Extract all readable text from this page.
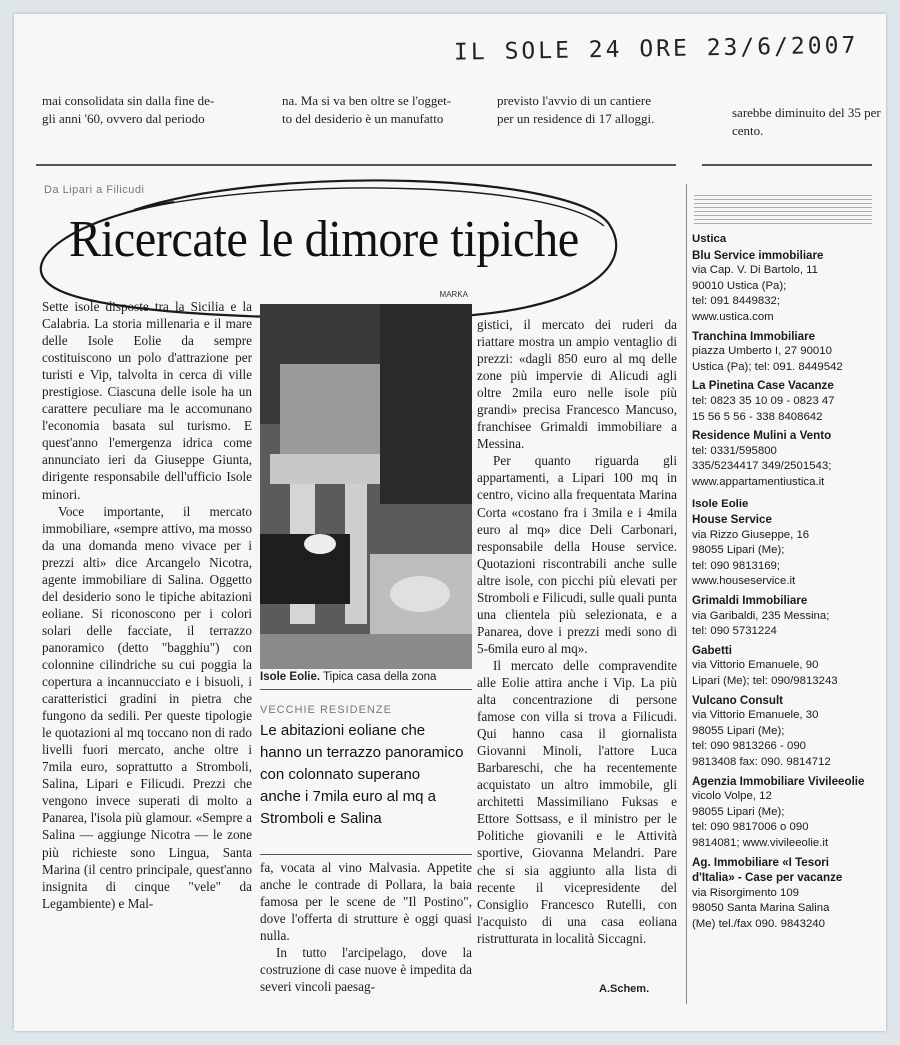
IL SOLE 24 ORE 23/6/2007
mai consolidata sin dalla fine de-
gli anni '60, ovvero dal periodo
na. Ma si va ben oltre se l'ogget-
to del desiderio è un manufatto
previsto l'avvio di un cantiere
per un residence di 17 alloggi.	sarebbe diminuito del 35 per
cento.
Da Lipari a Filicudi
Ricercate le dimore tipiche

Sette isole disposte tra la Sicilia e la Calabria. La storia millenaria e il mare delle Isole Eolie da sempre costituiscono un polo d'attrazione per turisti e Vip, talvolta in cerca di ville prestigiose. Ciascuna delle isole ha un carattere peculiare ma le accomunano l'economia basata sul turismo. E quest'anno l'emergenza idrica come annunciato ieri da Giuseppe Giunta, dirigente responsabile dell'ufficio Isole minori.

Voce importante, il mercato immobiliare, «sempre attivo, ma mosso da una domanda meno vivace per i prezzi alti» dice Arcangelo Nicotra, agente immobiliare di Salina. Oggetto del desiderio sono le tipiche abitazioni eoliane. Si riconoscono per i colori solari delle facciate, il terrazzo panoramico (detto "bagghiu") con colonnine cilindriche su cui poggia la copertura a incannucciato e i bisuoli, i caratteristici gradini in pietra che fungono da sedili. Per queste tipologie le quotazioni al mq toccano non di rado livelli fuori mercato, anche oltre i 7mila euro, soprattutto a Stromboli, Salina, Lipari e Filicudi. Prezzi che vengono invece superati di molto a Panarea, l'isola più glamour. «Sempre a Salina — aggiunge Nicotra — le zone più richieste sono Lingua, Santa Marina (il centro principale, quest'anno insignita di cinque "vele" da Legambiente) e Mal-

MARKA
Isole Eolie. Tipica casa della zona
VECCHIE RESIDENZE
Le abitazioni eoliane che hanno un terrazzo panoramico con colonnato superano anche i 7mila euro al mq a Stromboli e Salina

fa, vocata al vino Malvasia. Appetite anche le contrade di Pollara, la baia famosa per le scene de "Il Postino", dove l'offerta di strutture è oggi quasi nulla.

In tutto l'arcipelago, dove la costruzione di case nuove è impedita da severi vincoli paesag-

gistici, il mercato dei ruderi da riattare mostra un ampio ventaglio di prezzi: «dagli 850 euro al mq delle zone più impervie di Alicudi agli oltre 2mila euro nelle isole più grandi» precisa Francesco Mancuso, franchisee Grimaldi immobiliare a Messina.

Per quanto riguarda gli appartamenti, a Lipari 100 mq in centro, vicino alla frequentata Marina Corta «costano fra i 3mila e i 4mila euro al mq» dice Deli Carbonari, responsabile della House service. Quotazioni riscontrabili anche sulle altre isole, con picchi più elevati per Stromboli e Filicudi, sulle quali punta una clientela più selezionata, e a Panarea, dove i prezzi medi sono di 5-6mila euro al mq».

Il mercato delle compravendite alle Eolie attira anche i Vip. La più alta concentrazione di persone famose con villa si trova a Filicudi. Qui hanno casa il giornalista Giovanni Minoli, l'attore Luca Barbareschi, che ha recentemente acquistato un altro immobile, gli architetti Massimiliano Fuksas e Ettore Sottsass, e il ministro per le Politiche giovanili e le Attività sportive, Giovanna Melandri. Pare che si sia aggiunto alla lista di recente il vicepresidente del Consiglio Francesco Rutelli, con l'acquisto di una casa eoliana ristrutturata in località Siccagni.

A.Schem.
Ustica
Blu Service immobiliare
via Cap. V. Di Bartolo, 11
90010 Ustica (Pa);
tel: 091 8449832;
www.ustica.com
Tranchina Immobiliare
piazza Umberto I, 27 90010
Ustica (Pa); tel: 091. 8449542
La Pinetina Case Vacanze
tel: 0823 35 10 09 - 0823 47
15 56 5 56 - 338 8408642
Residence Mulini a Vento
tel: 0331/595800
335/5234417 349/2501543;
www.appartamentiustica.it
Isole Eolie
House Service
via Rizzo Giuseppe, 16
98055 Lipari (Me);
tel: 090 9813169;
www.houseservice.it
Grimaldi Immobiliare
via Garibaldi, 235 Messina;
tel: 090 5731224
Gabetti
via Vittorio Emanuele, 90
Lipari (Me); tel: 090/9813243
Vulcano Consult
via Vittorio Emanuele, 30
98055 Lipari (Me);
tel: 090 9813266 - 090
9813408 fax: 090. 9814712
Agenzia Immobiliare Vivileeolie
vicolo Volpe, 12
98055 Lipari (Me);
tel: 090 9817006 o 090
9814081; www.vivileeolie.it
Ag. Immobiliare «I Tesori d'Italia» - Case per vacanze
via Risorgimento 109
98050 Santa Marina Salina
(Me) tel./fax 090. 9843240
